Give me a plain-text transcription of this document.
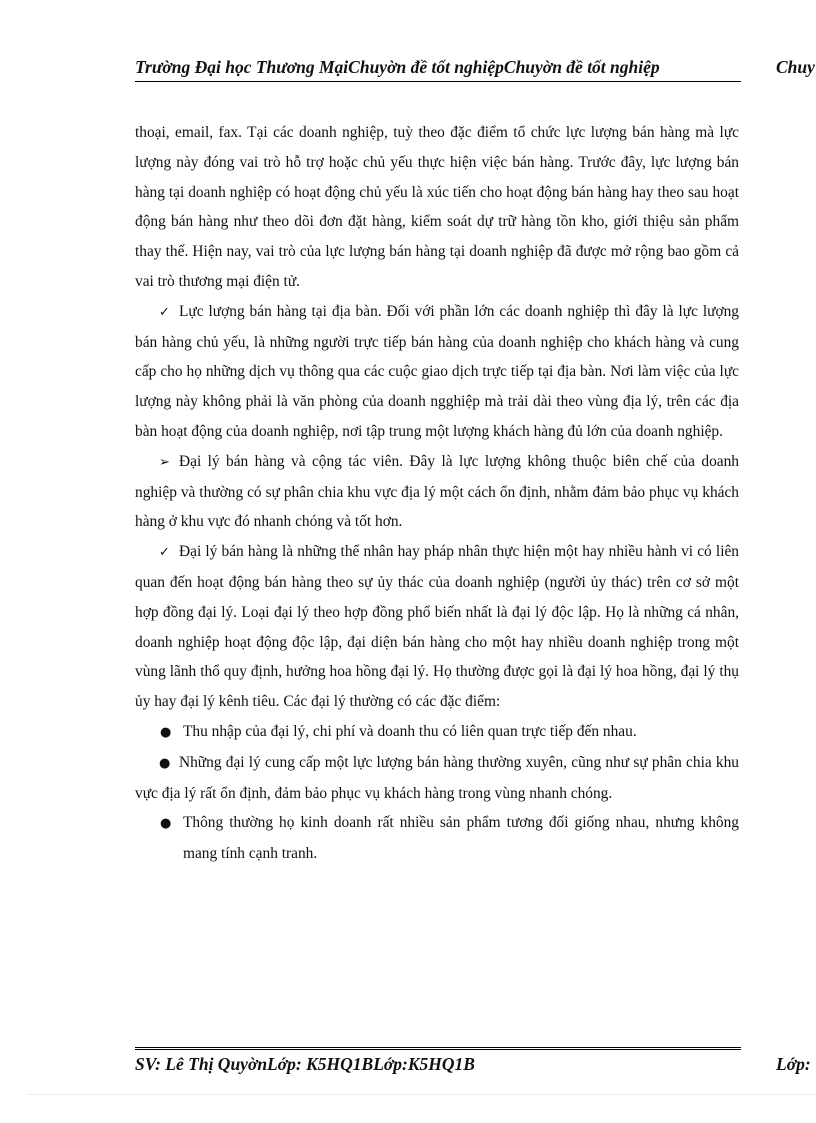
Trường Đại học Thương MạiChuyờn đề tốt nghiệpChuyờn đề tốt nghiệp	Chuy

thoại, email, fax. Tại các doanh nghiệp, tuỳ theo đặc điểm tổ chức lực lượng bán hàng mà lực lượng này đóng vai trò hỗ trợ hoặc chủ yếu thực hiện việc bán hàng. Trước đây, lực lượng bán hàng tại doanh nghiệp có hoạt động chủ yếu là xúc tiến cho hoạt động bán hàng hay theo sau hoạt động bán hàng như theo dõi đơn đặt hàng, kiểm soát dự trữ hàng tồn kho, giới thiệu sản phẩm thay thế. Hiện nay, vai trò của lực lượng bán hàng tại doanh nghiệp đã được mở rộng bao gồm cả vai trò thương mại điện tử.

✓ Lực lượng bán hàng tại địa bàn. Đối với phần lớn các doanh nghiệp thì đây là lực lượng bán hàng chủ yếu, là những người trực tiếp bán hàng của doanh nghiệp cho khách hàng và cung cấp cho họ những dịch vụ thông qua các cuộc giao dịch trực tiếp tại địa bàn. Nơi làm việc của lực lượng này không phải là văn phòng của doanh ngghiệp mà trải dài theo vùng địa lý, trên các địa bàn hoạt động của doanh nghiệp, nơi tập trung một lượng khách hàng đủ lớn của doanh nghiệp.

➢ Đại lý bán hàng và cộng tác viên. Đây là lực lượng không thuộc biên chế của doanh nghiệp và thường có sự phân chia khu vực địa lý một cách ổn định, nhằm đảm bảo phục vụ khách hàng ở khu vực đó nhanh chóng và tốt hơn.

✓ Đại lý bán hàng là những thể nhân hay pháp nhân thực hiện một hay nhiều hành vi có liên quan đến hoạt động bán hàng theo sự ủy thác của doanh nghiệp (người ủy thác) trên cơ sở một hợp đồng đại lý. Loại đại lý theo hợp đồng phổ biến nhất là đại lý độc lập. Họ là những cá nhân, doanh nghiệp hoạt động độc lập, đại diện bán hàng cho một hay nhiều doanh nghiệp trong một vùng lãnh thổ quy định, hưởng hoa hồng đại lý. Họ thường được gọi là đại lý hoa hồng, đại lý thụ ủy hay đại lý kênh tiêu. Các đại lý thường có các đặc điểm:

● Thu nhập của đại lý, chi phí và doanh thu có liên quan trực tiếp đến nhau.

● Những đại lý cung cấp một lực lượng bán hàng thường xuyên, cũng như sự phân chia khu vực địa lý rất ổn định, đảm bảo phục vụ khách hàng trong vùng nhanh chóng.

● Thông thường họ kinh doanh rất nhiều sản phẩm tương đối giống nhau, nhưng không mang tính cạnh tranh.

SV: Lê Thị QuyờnLớp: K5HQ1BLớp:K5HQ1B	Lớp:
